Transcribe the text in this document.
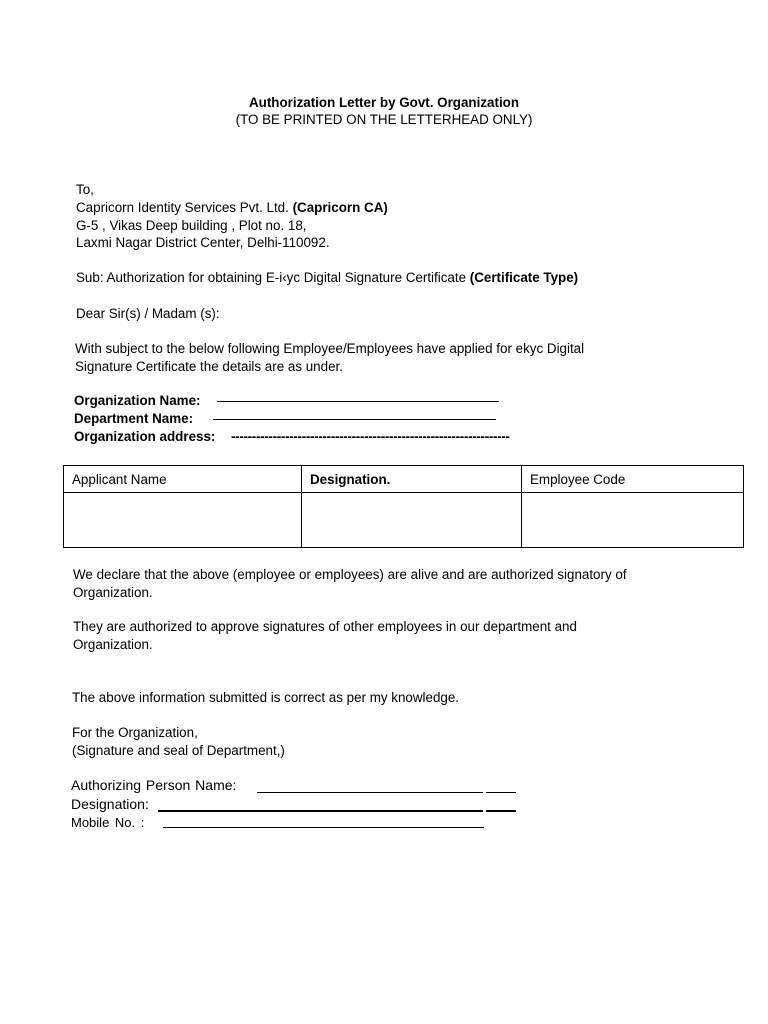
Authorization Letter by Govt. Organization
(TO BE PRINTED ON THE LETTERHEAD ONLY)
To,
Capricorn Identity Services Pvt. Ltd. (Capricorn CA)
G-5 , Vikas Deep building , Plot no. 18,
Laxmi Nagar District Center, Delhi-110092.
Sub: Authorization for obtaining E-i‹yc Digital Signature Certificate (Certificate Type)
Dear Sir(s) / Madam (s):
With subject to the below following Employee/Employees have applied for ekyc Digital
Signature Certificate the details are as under.
Organization Name:
Department Name:
Organization address: -------------------------------------------------------------------
Applicant Name	Designation.	Employee Code

We declare that the above (employee or employees) are alive and are authorized signatory of
Organization.
They are authorized to approve signatures of other employees in our department and
Organization.
The above information submitted is correct as per my knowledge.
For the Organization,
(Signature and seal of Department,)
Authorizing Person Name:
Designation:
Mobile No. :
